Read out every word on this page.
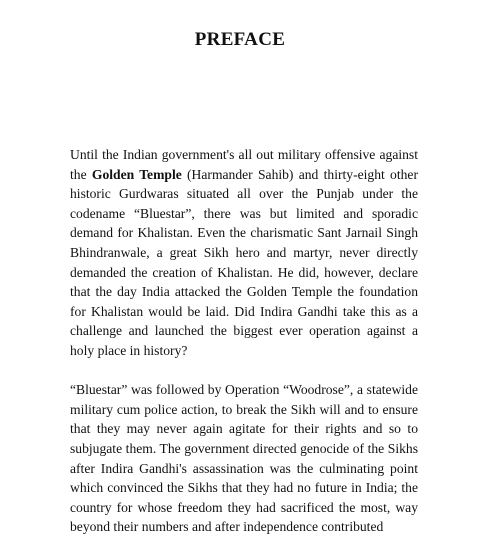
PREFACE

Until the Indian government's all out military offensive against the Golden Temple (Harmander Sahib) and thirty-eight other historic Gurdwaras situated all over the Punjab under the codename “Bluestar”, there was but limited and sporadic demand for Khalistan. Even the charismatic Sant Jarnail Singh Bhindranwale, a great Sikh hero and martyr, never directly demanded the creation of Khalistan. He did, however, declare that the day India attacked the Golden Temple the foundation for Khalistan would be laid. Did Indira Gandhi take this as a challenge and launched the biggest ever operation against a holy place in history?

“Bluestar” was followed by Operation “Woodrose”, a statewide military cum police action, to break the Sikh will and to ensure that they may never again agitate for their rights and so to subjugate them. The government directed genocide of the Sikhs after Indira Gandhi's assassination was the culminating point which convinced the Sikhs that they had no future in India; the country for whose freedom they had sacrificed the most, way beyond their numbers and after independence contributed
